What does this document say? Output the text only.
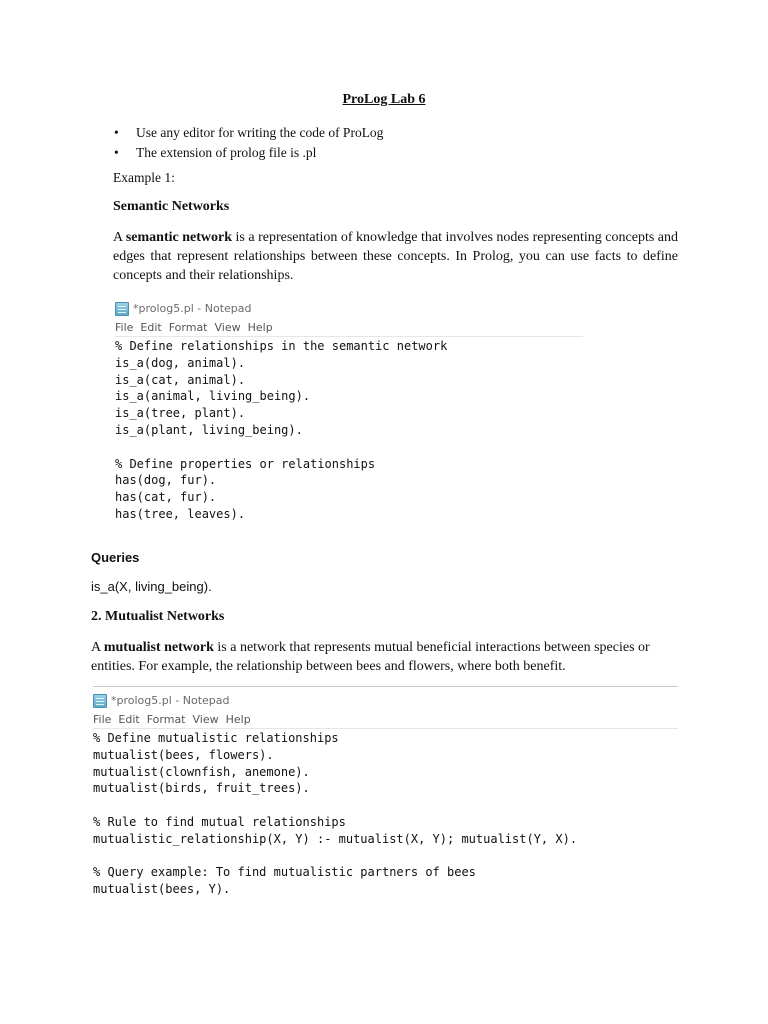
ProLog Lab 6
• Use any editor for writing the code of ProLog
• The extension of prolog file is .pl
Example 1:
Semantic Networks
A semantic network is a representation of knowledge that involves nodes representing concepts and edges that represent relationships between these concepts. In Prolog, you can use facts to define concepts and their relationships.
*prolog5.pl - Notepad
File Edit Format View Help
% Define relationships in the semantic network
is_a(dog, animal).
is_a(cat, animal).
is_a(animal, living_being).
is_a(tree, plant).
is_a(plant, living_being).

% Define properties or relationships
has(dog, fur).
has(cat, fur).
has(tree, leaves).
Queries
is_a(X, living_being).
2. Mutualist Networks
A mutualist network is a network that represents mutual beneficial interactions between species or entities. For example, the relationship between bees and flowers, where both benefit.
*prolog5.pl - Notepad
File Edit Format View Help
% Define mutualistic relationships
mutualist(bees, flowers).
mutualist(clownfish, anemone).
mutualist(birds, fruit_trees).

% Rule to find mutual relationships
mutualistic_relationship(X, Y) :- mutualist(X, Y); mutualist(Y, X).

% Query example: To find mutualistic partners of bees
mutualist(bees, Y).
